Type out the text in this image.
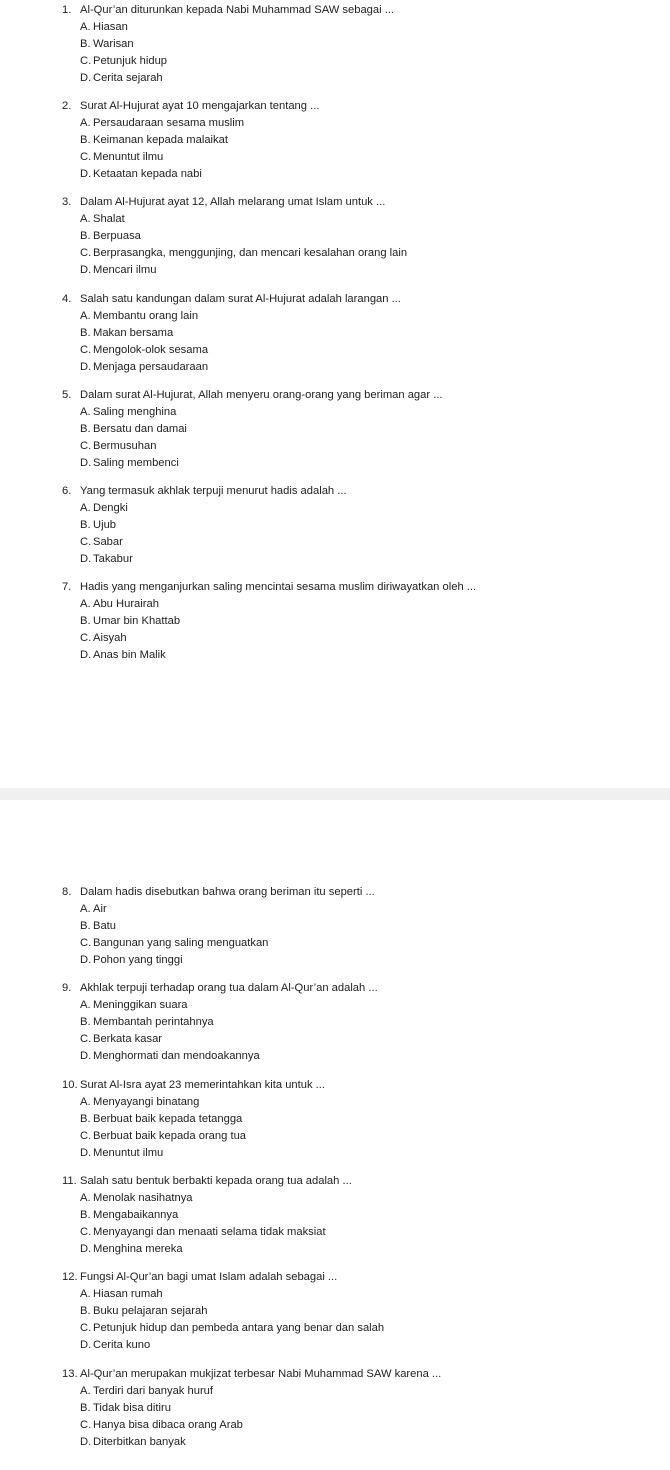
1. Al-Qur’an diturunkan kepada Nabi Muhammad SAW sebagai ...
A. Hiasan
B. Warisan
C. Petunjuk hidup
D. Cerita sejarah
2. Surat Al-Hujurat ayat 10 mengajarkan tentang ...
A. Persaudaraan sesama muslim
B. Keimanan kepada malaikat
C. Menuntut ilmu
D. Ketaatan kepada nabi
3. Dalam Al-Hujurat ayat 12, Allah melarang umat Islam untuk ...
A. Shalat
B. Berpuasa
C. Berprasangka, menggunjing, dan mencari kesalahan orang lain
D. Mencari ilmu
4. Salah satu kandungan dalam surat Al-Hujurat adalah larangan ...
A. Membantu orang lain
B. Makan bersama
C. Mengolok-olok sesama
D. Menjaga persaudaraan
5. Dalam surat Al-Hujurat, Allah menyeru orang-orang yang beriman agar ...
A. Saling menghina
B. Bersatu dan damai
C. Bermusuhan
D. Saling membenci
6. Yang termasuk akhlak terpuji menurut hadis adalah ...
A. Dengki
B. Ujub
C. Sabar
D. Takabur
7. Hadis yang menganjurkan saling mencintai sesama muslim diriwayatkan oleh ...
A. Abu Hurairah
B. Umar bin Khattab
C. Aisyah
D. Anas bin Malik
8. Dalam hadis disebutkan bahwa orang beriman itu seperti ...
A. Air
B. Batu
C. Bangunan yang saling menguatkan
D. Pohon yang tinggi
9. Akhlak terpuji terhadap orang tua dalam Al-Qur’an adalah ...
A. Meninggikan suara
B. Membantah perintahnya
C. Berkata kasar
D. Menghormati dan mendoakannya
10. Surat Al-Isra ayat 23 memerintahkan kita untuk ...
A. Menyayangi binatang
B. Berbuat baik kepada tetangga
C. Berbuat baik kepada orang tua
D. Menuntut ilmu
11. Salah satu bentuk berbakti kepada orang tua adalah ...
A. Menolak nasihatnya
B. Mengabaikannya
C. Menyayangi dan menaati selama tidak maksiat
D. Menghina mereka
12. Fungsi Al-Qur’an bagi umat Islam adalah sebagai ...
A. Hiasan rumah
B. Buku pelajaran sejarah
C. Petunjuk hidup dan pembeda antara yang benar dan salah
D. Cerita kuno
13. Al-Qur’an merupakan mukjizat terbesar Nabi Muhammad SAW karena ...
A. Terdiri dari banyak huruf
B. Tidak bisa ditiru
C. Hanya bisa dibaca orang Arab
D. Diterbitkan banyak
